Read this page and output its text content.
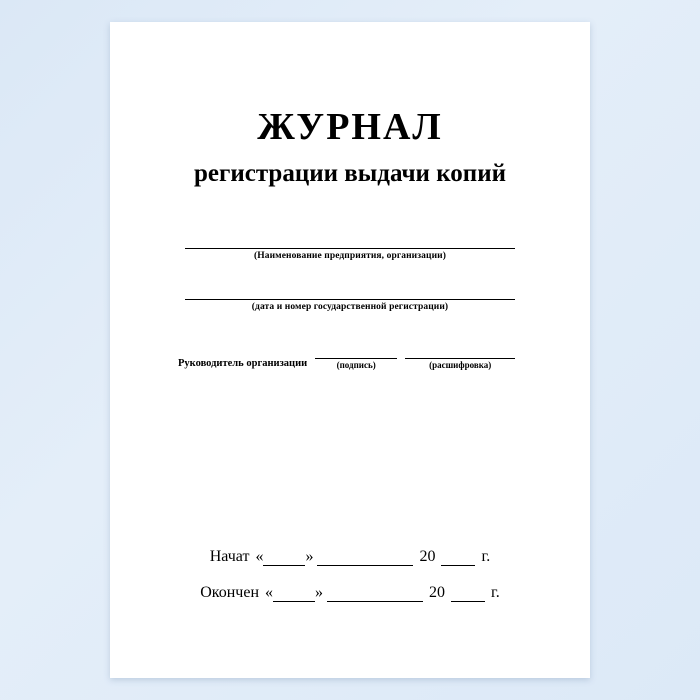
ЖУРНАЛ
регистрации выдачи копий
(Наименование предприятия, организации)
(дата и номер государственной регистрации)
Руководитель организации	(подпись)	(расшифровка)
Начат «	»	20	г.
Окончен «	»	20	г.
